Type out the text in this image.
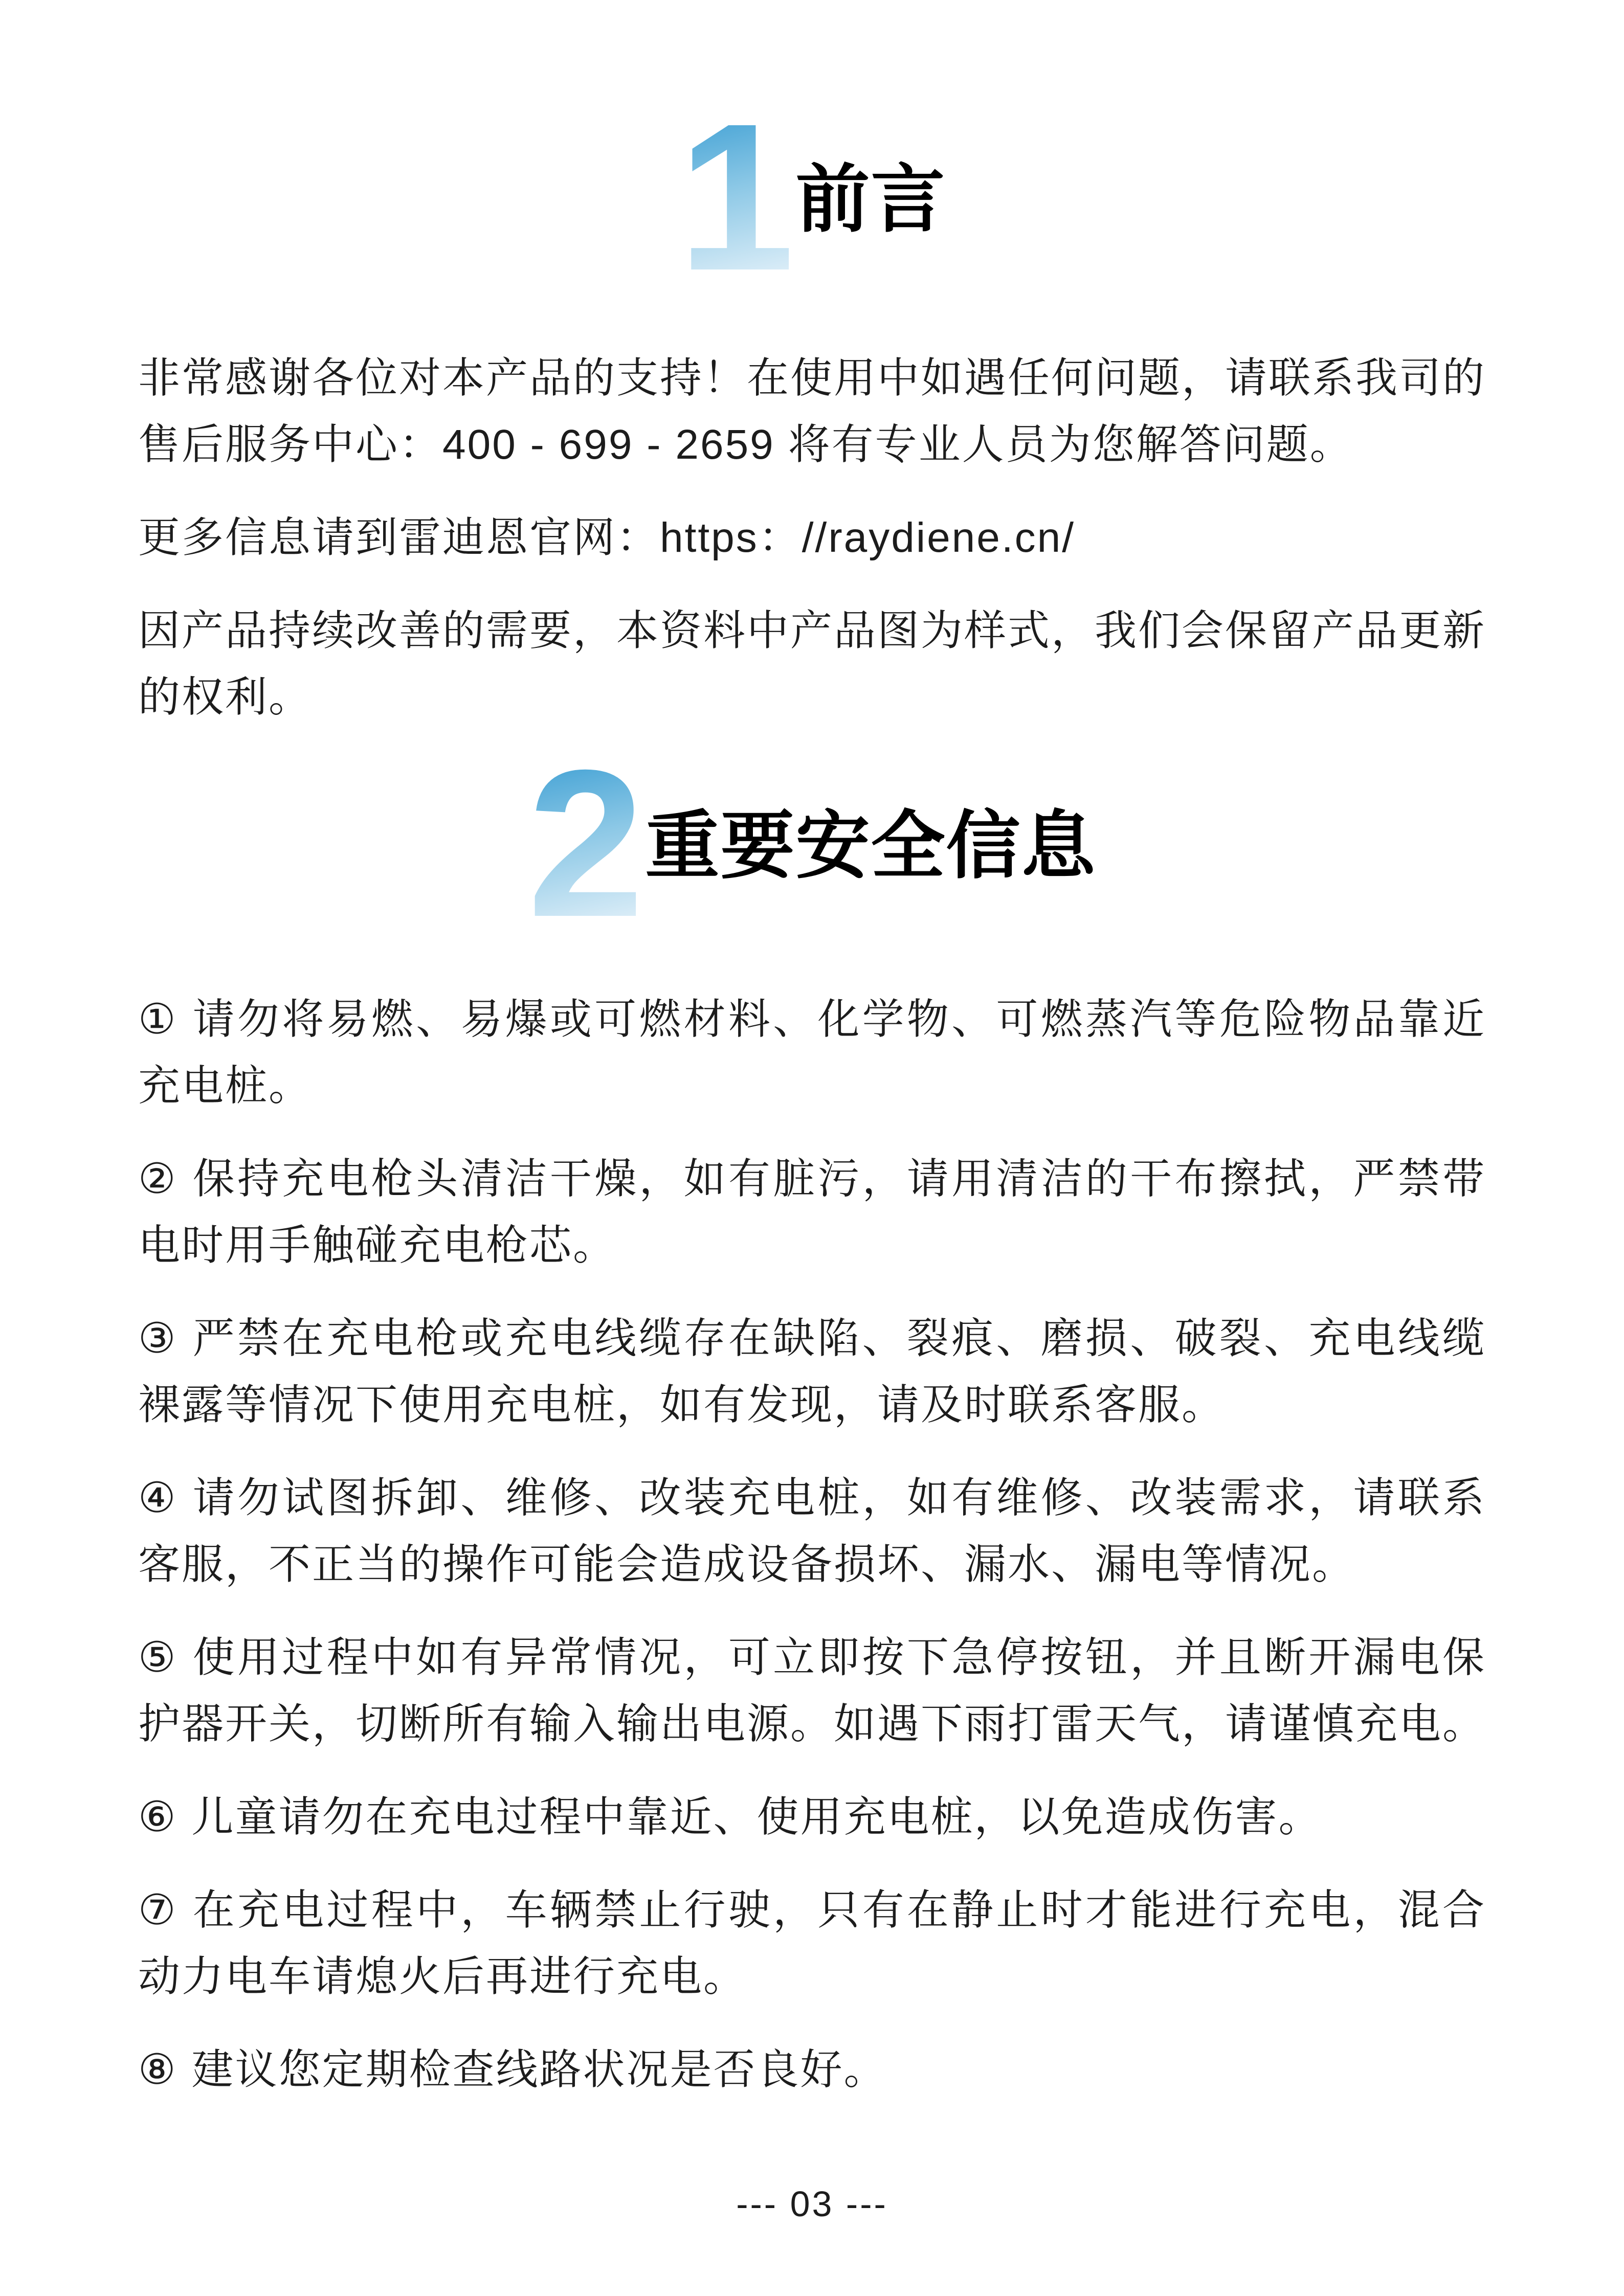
1 前言

非常感谢各位对本产品的支持！在使用中如遇任何问题，请联系我司的售后服务中心：400 - 699 - 2659 将有专业人员为您解答问题。

更多信息请到雷迪恩官网：https：//raydiene.cn/

因产品持续改善的需要，本资料中产品图为样式，我们会保留产品更新的权利。

2 重要安全信息
① 请勿将易燃、易爆或可燃材料、化学物、可燃蒸汽等危险物品靠近充电桩。
② 保持充电枪头清洁干燥，如有脏污，请用清洁的干布擦拭，严禁带电时用手触碰充电枪芯。
③ 严禁在充电枪或充电线缆存在缺陷、裂痕、磨损、破裂、充电线缆裸露等情况下使用充电桩，如有发现，请及时联系客服。
④ 请勿试图拆卸、维修、改装充电桩，如有维修、改装需求，请联系客服，不正当的操作可能会造成设备损坏、漏水、漏电等情况。
⑤ 使用过程中如有异常情况，可立即按下急停按钮，并且断开漏电保护器开关，切断所有输入输出电源。如遇下雨打雷天气，请谨慎充电。
⑥ 儿童请勿在充电过程中靠近、使用充电桩，以免造成伤害。
⑦ 在充电过程中，车辆禁止行驶，只有在静止时才能进行充电，混合动力电车请熄火后再进行充电。
⑧ 建议您定期检查线路状况是否良好。
--- 03 ---
